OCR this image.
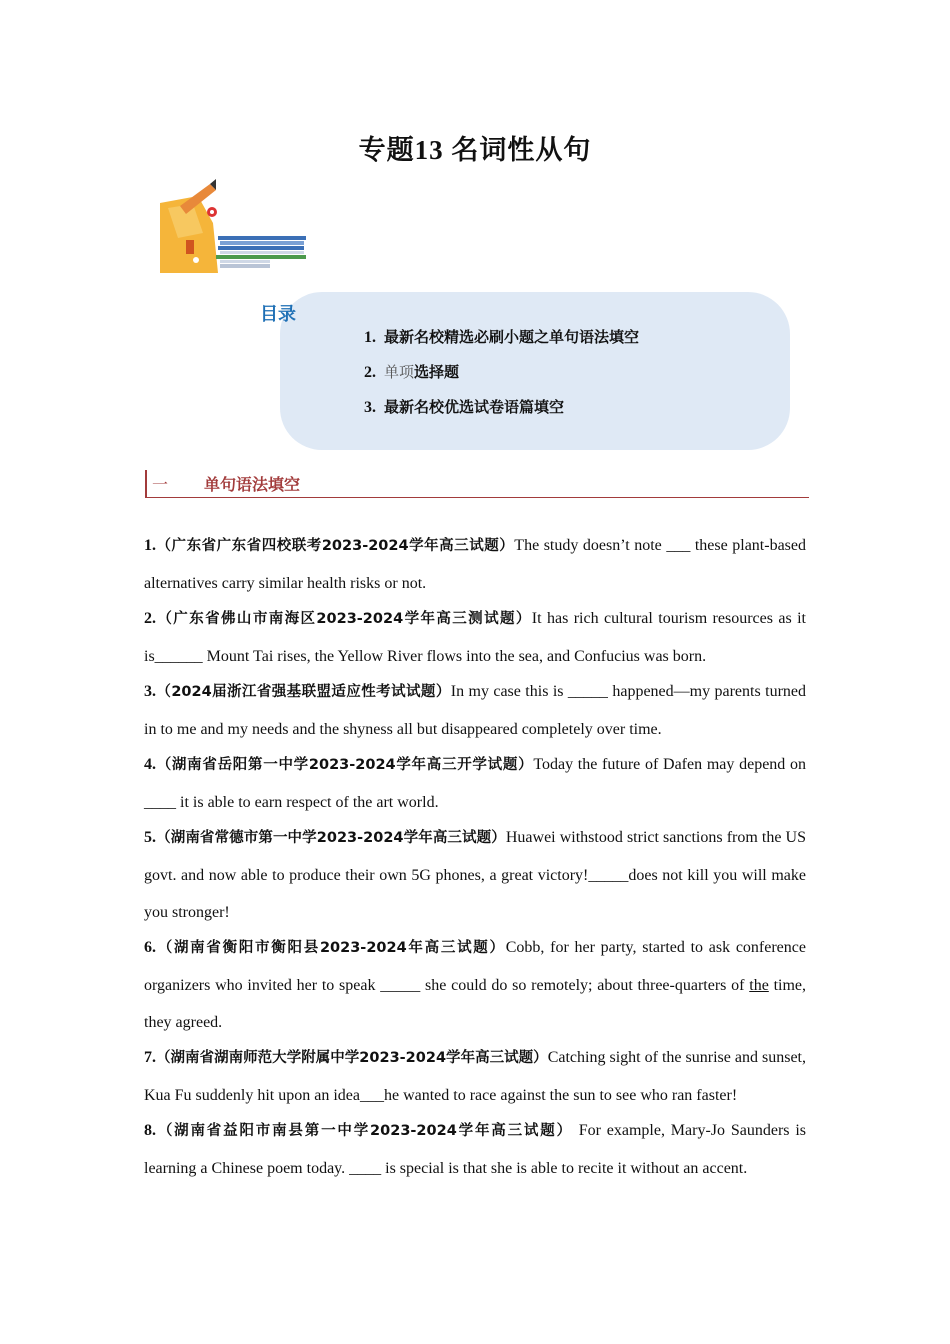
专题13 名词性从句
目录
1. 最新名校精选必刷小题之单句语法填空
2. 单项选择题
3. 最新名校优选试卷语篇填空
一 单句语法填空

1.（广东省广东省四校联考2023-2024学年高三试题）The study doesn’t note ___ these plant-based alternatives carry similar health risks or not.

2.（广东省佛山市南海区2023-2024学年高三测试题）It has rich cultural tourism resources as it is______ Mount Tai rises, the Yellow River flows into the sea, and Confucius was born.

3.（2024届浙江省强基联盟适应性考试试题）In my case this is _____ happened—my parents turned in to me and my needs and the shyness all but disappeared completely over time.

4.（湖南省岳阳第一中学2023-2024学年高三开学试题）Today the future of Dafen may depend on ____ it is able to earn respect of the art world.

5.（湖南省常德市第一中学2023-2024学年高三试题）Huawei withstood strict sanctions from the US govt. and now able to produce their own 5G phones, a great victory!_____does not kill you will make you stronger!

6.（湖南省衡阳市衡阳县2023-2024年高三试题）Cobb, for her party, started to ask conference organizers who invited her to speak _____ she could do so remotely; about three-quarters of the time, they agreed.

7.（湖南省湖南师范大学附属中学2023-2024学年高三试题）Catching sight of the sunrise and sunset, Kua Fu suddenly hit upon an idea___he wanted to race against the sun to see who ran faster!

8.（湖南省益阳市南县第一中学2023-2024学年高三试题） For example, Mary-Jo Saunders is learning a Chinese poem today. ____ is special is that she is able to recite it without an accent.
